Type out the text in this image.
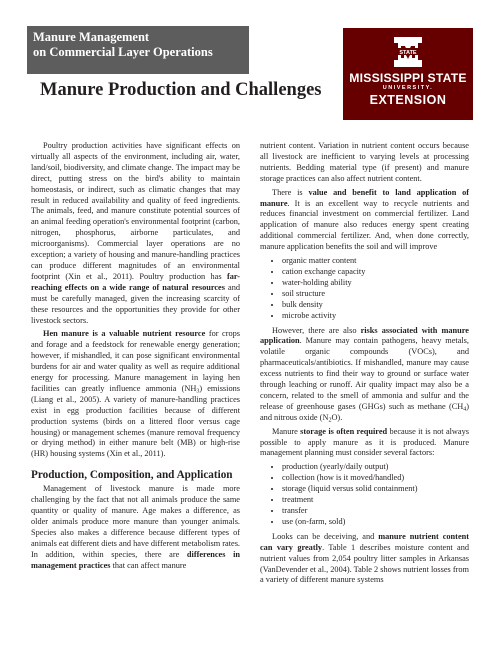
Manure Management
on Commercial Layer Operations	STATE
MISSISSIPPI STATE
UNIVERSITY.
EXTENSION
Manure Production and Challenges

Poultry production activities have significant effects on virtually all aspects of the environment, including air, water, land/soil, biodiversity, and climate change. The impact may be direct, putting stress on the bird's ability to maintain homeostasis, or indirect, such as climatic changes that may result in reduced availability and quality of feed ingredients. The animals, feed, and manure constitute potential sources of an animal feeding operation's environmental footprint (carbon, nitrogen, phosphorus, airborne particulates, and microorganisms). Commercial layer operations are no exception; a variety of housing and manure-handling practices can produce different magnitudes of an environmental footprint (Xin et al., 2011). Poultry production has far-reaching effects on a wide range of natural resources and must be carefully managed, given the increasing scarcity of these resources and the opportunities they provide for other livestock sectors.

Hen manure is a valuable nutrient resource for crops and forage and a feedstock for renewable energy generation; however, if mishandled, it can pose significant environmental burdens for air and water quality as well as require additional energy for processing. Manure management in laying hen facilities can greatly influence ammonia $(NH_3)$ emissions (Liang et al., 2005). A variety of manure-handling practices exist in egg production facilities because of different production systems (birds on a littered floor versus cage housing) or management schemes (manure removal frequency or drying method) in either manure belt (MB) or high-rise (HR) housing systems (Xin et al., 2011).

Production, Composition, and Application

Management of livestock manure is made more challenging by the fact that not all animals produce the same quantity or quality of manure. Age makes a difference, as older animals produce more manure than younger animals. Species also makes a difference because different types of animals eat different diets and have different metabolism rates. In addition, within species, there are differences in management practices that can affect manure

nutrient content. Variation in nutrient content occurs because all livestock are inefficient to varying levels at processing nutrients. Bedding material type (if present) and manure storage practices can also affect nutrient content.

There is value and benefit to land application of manure. It is an excellent way to recycle nutrients and reduces financial investment on commercial fertilizer. Land application of manure also reduces energy spent creating additional commercial fertilizer. And, when done correctly, manure application benefits the soil and will improve

• organic matter content
• cation exchange capacity
• water-holding ability
• soil structure
• bulk density
• microbe activity

However, there are also risks associated with manure application. Manure may contain pathogens, heavy metals, volatile organic compounds (VOCs), and pharmaceuticals/antibiotics. If mishandled, manure may cause excess nutrients to find their way to ground or surface water through leaching or runoff. Air quality impact may also be a concern, related to the smell of ammonia and sulfur and the release of greenhouse gases (GHGs) such as methane $(CH_4)$ and nitrous oxide $(N_2O)$.

Manure storage is often required because it is not always possible to apply manure as it is produced. Manure management planning must consider several factors:

• production (yearly/daily output)
• collection (how is it moved/handled)
• storage (liquid versus solid containment)
• treatment
• transfer
• use (on-farm, sold)

Looks can be deceiving, and manure nutrient content can vary greatly. Table 1 describes moisture content and nutrient values from 2,054 poultry litter samples in Arkansas (VanDevender et al., 2004). Table 2 shows nutrient losses from a variety of different manure systems
